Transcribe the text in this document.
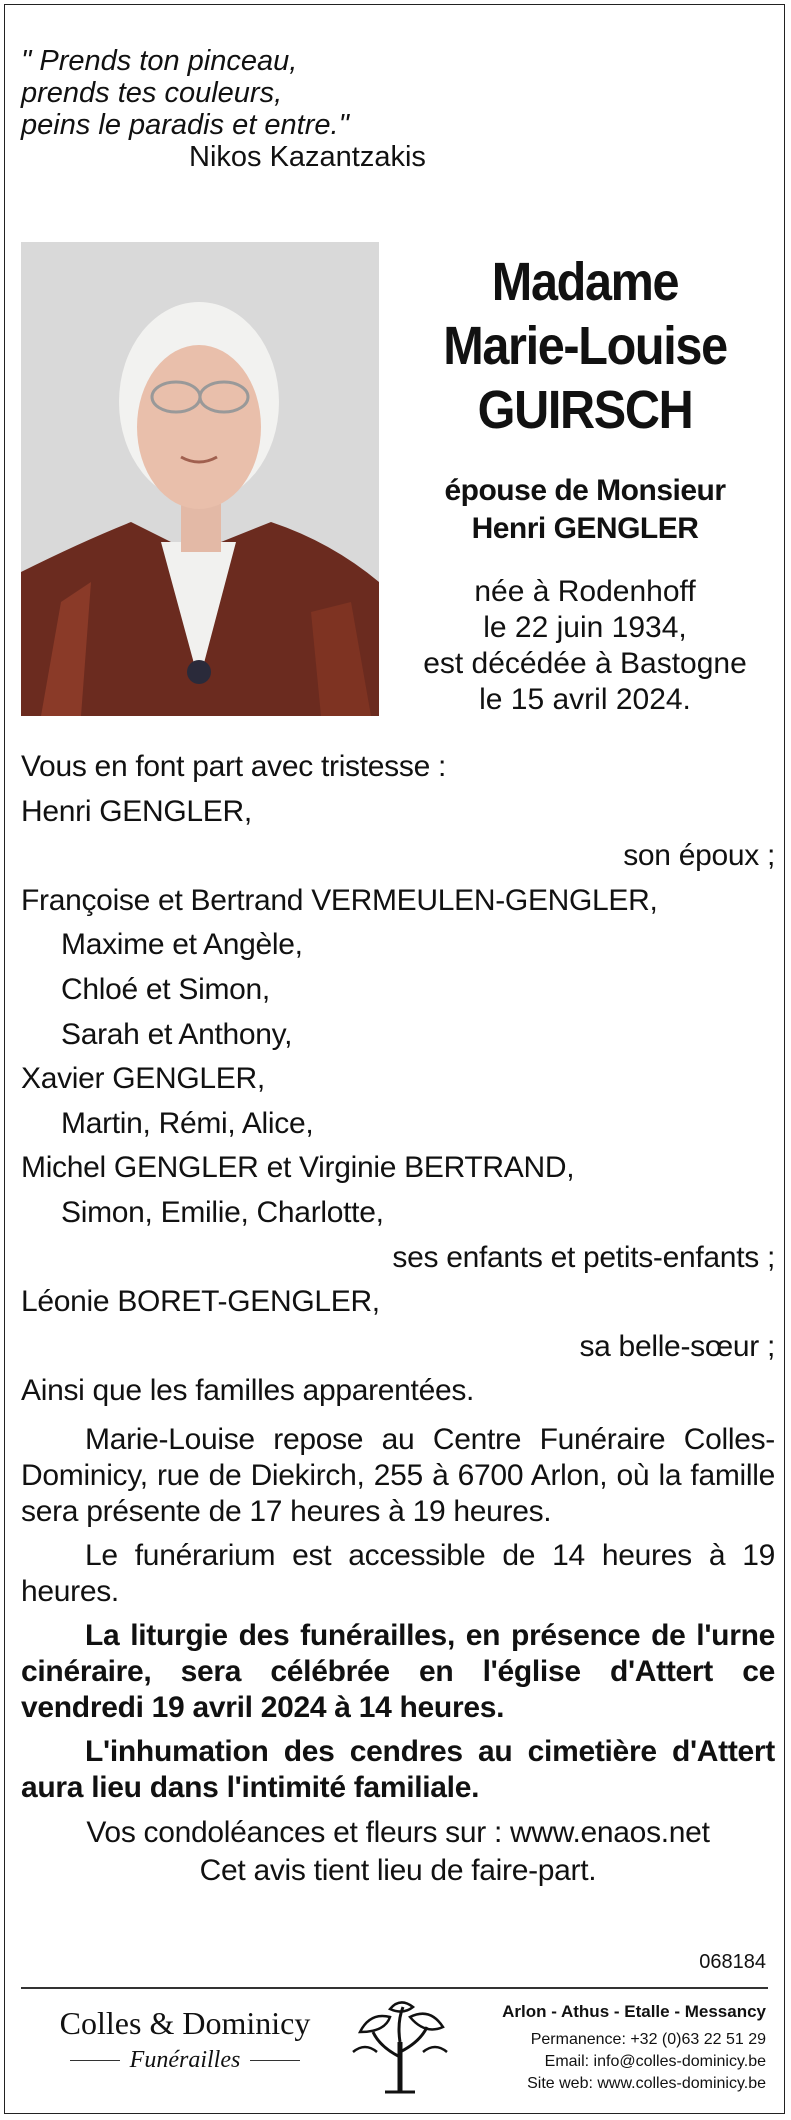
" Prends ton pinceau,
prends tes couleurs,
peins le paradis et entre."
Nikos Kazantzakis
Madame
Marie-Louise
GUIRSCH
épouse de Monsieur
Henri GENGLER
née à Rodenhoff
le 22 juin 1934,
est décédée à Bastogne
le 15 avril 2024.

Vous en font part avec tristesse :

Henri GENGLER,

son époux ;

Françoise et Bertrand VERMEULEN-GENGLER,

Maxime et Angèle,

Chloé et Simon,

Sarah et Anthony,

Xavier GENGLER,

Martin, Rémi, Alice,

Michel GENGLER et Virginie BERTRAND,

Simon, Emilie, Charlotte,

ses enfants et petits-enfants ;

Léonie BORET-GENGLER,

sa belle-sœur ;

Ainsi que les familles apparentées.

Marie-Louise repose au Centre Funéraire Colles-Dominicy, rue de Diekirch, 255 à 6700 Arlon, où la famille sera présente de 17 heures à 19 heures.

Le funérarium est accessible de 14 heures à 19 heures.

La liturgie des funérailles, en présence de l'urne cinéraire, sera célébrée en l'église d'Attert ce vendredi 19 avril 2024 à 14 heures.

L'inhumation des cendres au cimetière d'Attert aura lieu dans l'intimité familiale.

Vos condoléances et fleurs sur : www.enaos.net

Cet avis tient lieu de faire-part.

068184
Colles & Dominicy
Funérailles
Arlon - Athus - Etalle - Messancy
Permanence: +32 (0)63 22 51 29
Email: info@colles-dominicy.be
Site web: www.colles-dominicy.be
